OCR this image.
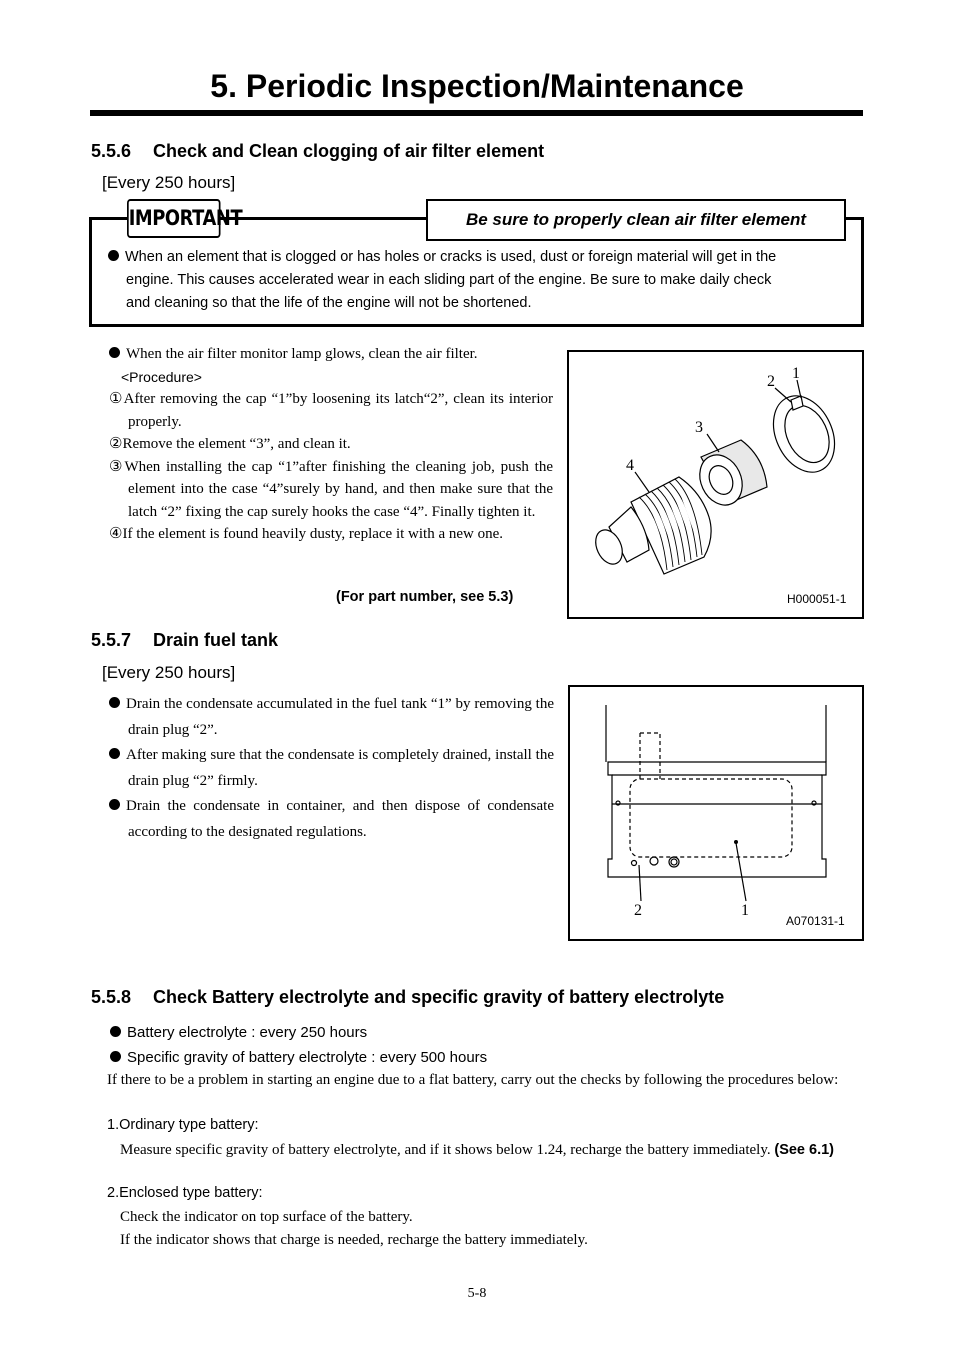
5. Periodic Inspection/Maintenance
5.5.6 Check and Clean clogging of air filter element
[Every 250 hours]
IMPORTANT	Be sure to properly clean air filter element
When an element that is clogged or has holes or cracks is used, dust or foreign material will get in the
engine. This causes accelerated wear in each sliding part of the engine. Be sure to make daily check
and cleaning so that the life of the engine will not be shortened.
When the air filter monitor lamp glows, clean the air filter.
<Procedure>
①After removing the cap “1”by loosening its latch“2”, clean its interior properly.
②Remove the element “3”, and clean it.
③When installing the cap “1”after finishing the cleaning job, push the element into the case “4”surely by hand, and then make sure that the latch “2” fixing the cap surely hooks the case “4”. Finally tighten it.
④If the element is found heavily dusty, replace it with a new one.
(For part number, see 5.3)
1
2
3
4
H000051-1
5.5.7 Drain fuel tank
[Every 250 hours]
Drain the condensate accumulated in the fuel tank “1” by removing the drain plug “2”.
After making sure that the condensate is completely drained, install the drain plug “2” firmly.
Drain the condensate in container, and then dispose of condensate according to the designated regulations.
2	1
A070131-1
5.5.8 Check Battery electrolyte and specific gravity of battery electrolyte
Battery electrolyte : every 250 hours
Specific gravity of battery electrolyte : every 500 hours
If there to be a problem in starting an engine due to a flat battery, carry out the checks by following the procedures below:
1.Ordinary type battery:
Measure specific gravity of battery electrolyte, and if it shows below 1.24, recharge the battery immediately. (See 6.1)
2.Enclosed type battery:
Check the indicator on top surface of the battery.
If the indicator shows that charge is needed, recharge the battery immediately.
5-8
